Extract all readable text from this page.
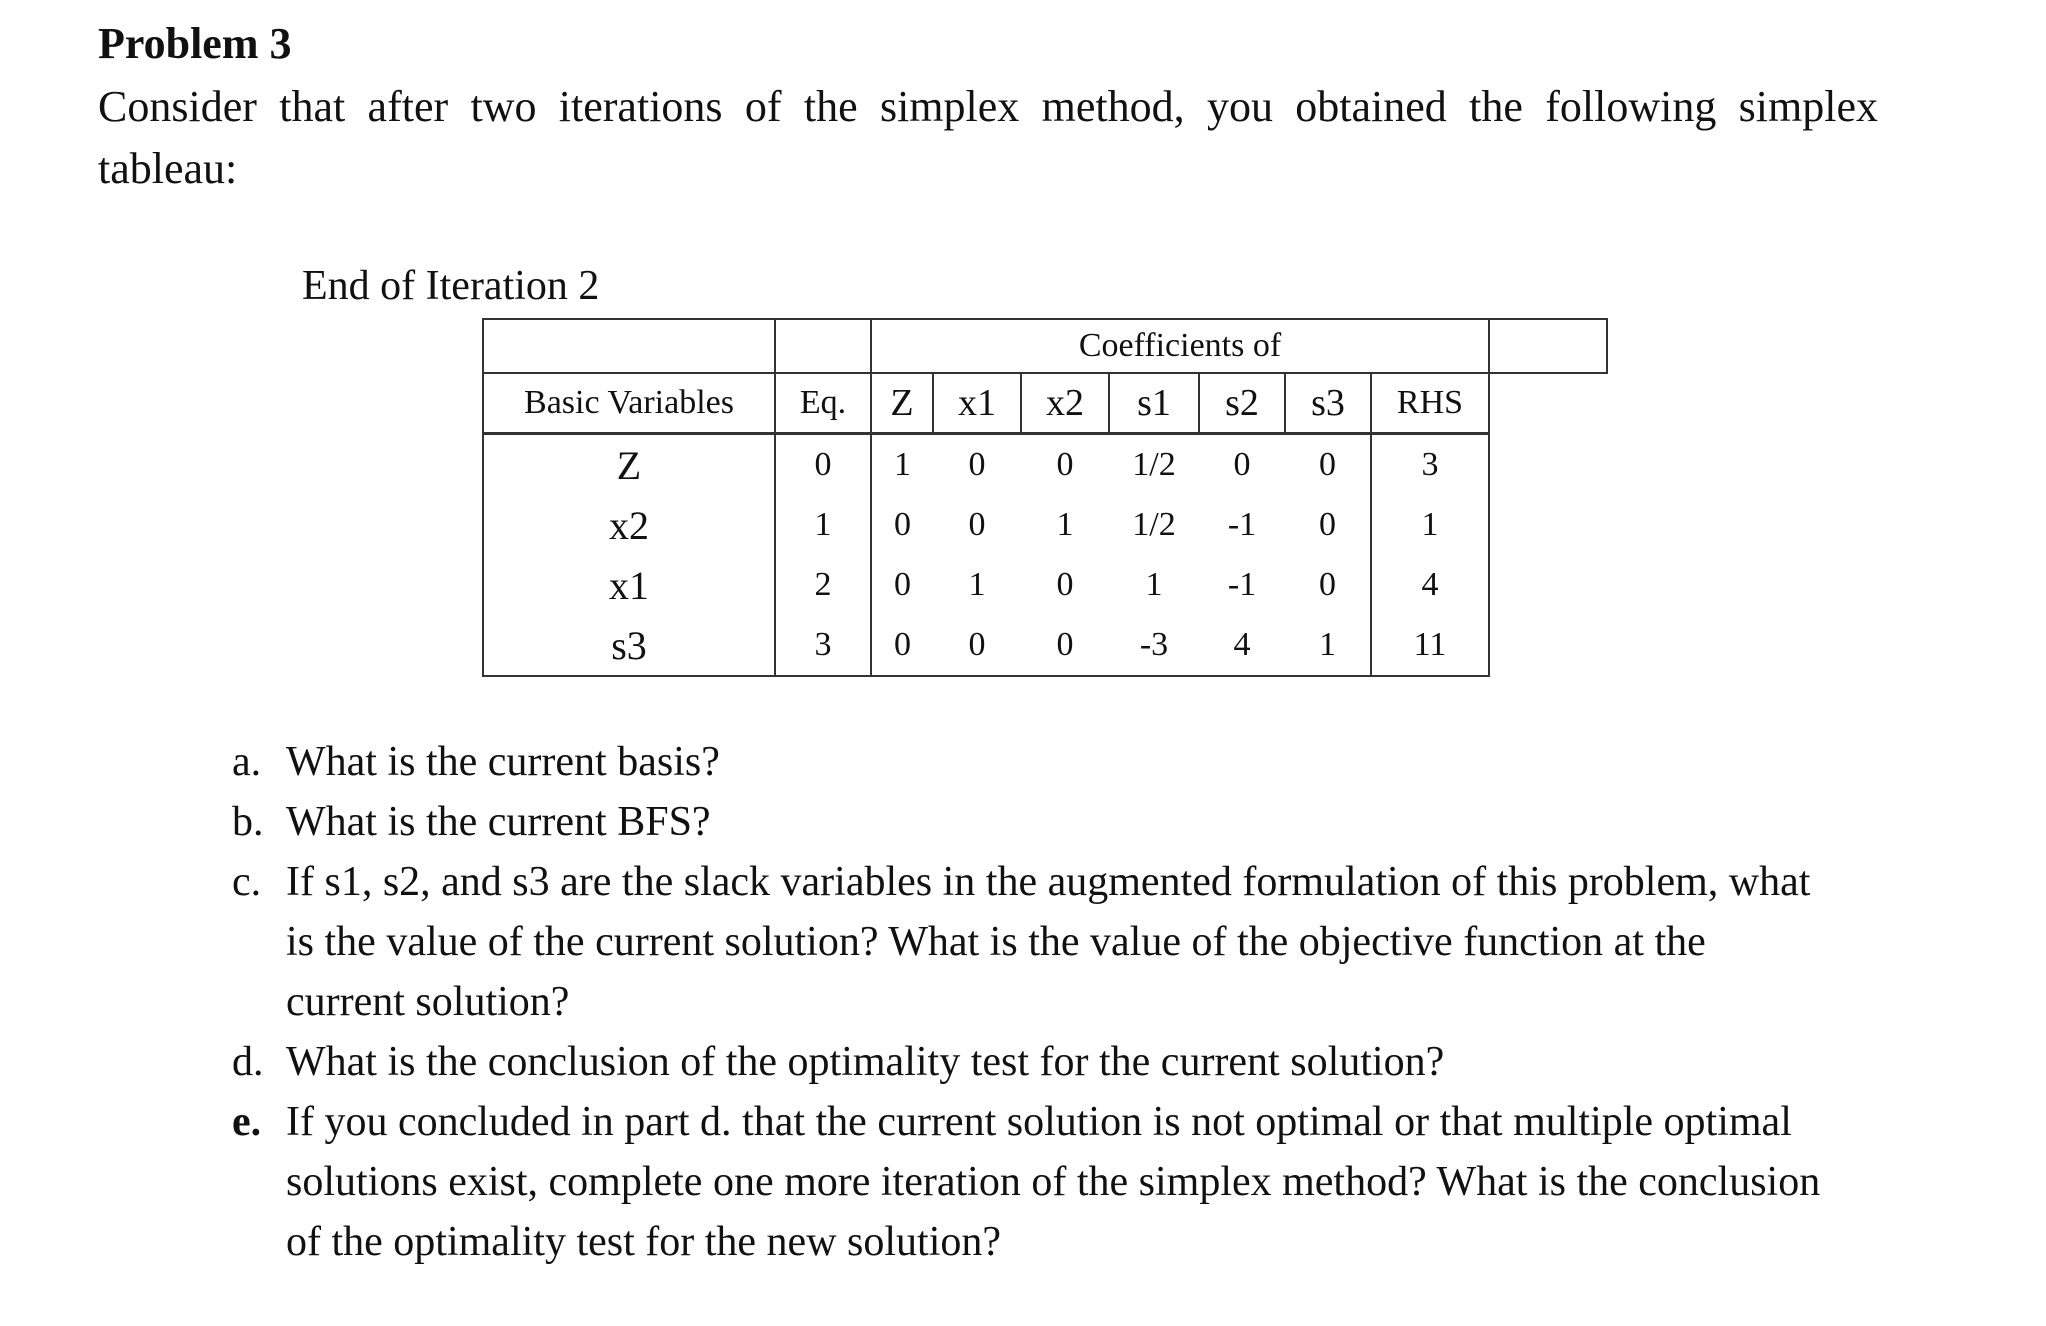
Problem 3

Consider that after two iterations of the simplex method, you obtained the following simplex tableau:

End of Iteration 2

		Coefficients of							
Basic Variables	Eq.	Z	x1	x2	s1	s2	s3	RHS	
Z	0	1	0	0	1/2	0	0	3	
x2	1	0	0	1	1/2	-1	0	1	
x1	2	0	1	0	1	-1	0	4	
s3	3	0	0	0	-3	4	1	11	
a. What is the current basis?
b. What is the current BFS?
c. If s1, s2, and s3 are the slack variables in the augmented formulation of this problem, what is the value of the current solution? What is the value of the objective function at the current solution?
d. What is the conclusion of the optimality test for the current solution?
e. If you concluded in part d. that the current solution is not optimal or that multiple optimal solutions exist, complete one more iteration of the simplex method? What is the conclusion of the optimality test for the new solution?
